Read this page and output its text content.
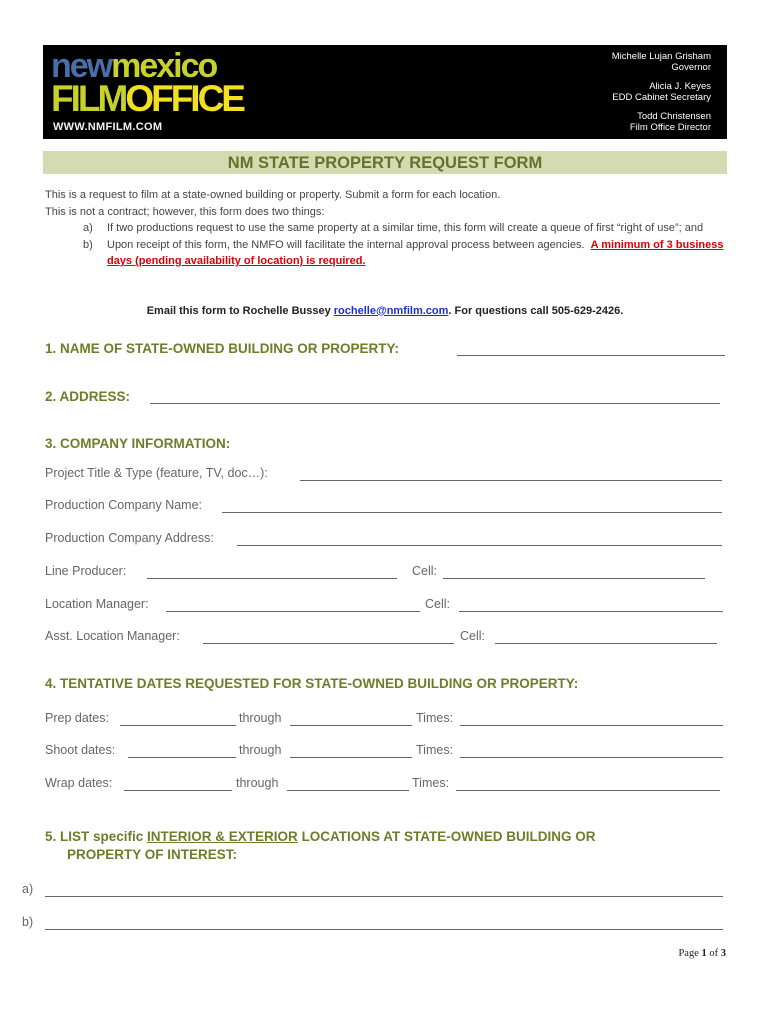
newmexico
FILMOFFICE
WWW.NMFILM.COM
Michelle Lujan Grisham
Governor
Alicia J. Keyes
EDD Cabinet Secretary
Todd Christensen
Film Office Director
NM STATE PROPERTY REQUEST FORM

This is a request to film at a state-owned building or property. Submit a form for each location.

This is not a contract; however, this form does two things:

a) If two productions request to use the same property at a similar time, this form will create a queue of first “right of use”; and
b) Upon receipt of this form, the NMFO will facilitate the internal approval process between agencies. A minimum of 3 business days (pending availability of location) is required.
Email this form to Rochelle Bussey rochelle@nmfilm.com. For questions call 505-629-2426.
1. NAME OF STATE-OWNED BUILDING OR PROPERTY:
2. ADDRESS:
3. COMPANY INFORMATION:
Project Title & Type (feature, TV, doc…):
Production Company Name:
Production Company Address:
Line Producer:	Cell:
Location Manager:	Cell:
Asst. Location Manager:	Cell:
4. TENTATIVE DATES REQUESTED FOR STATE-OWNED BUILDING OR PROPERTY:
Prep dates:	through	Times:
Shoot dates:	through	Times:
Wrap dates:	through	Times:
5. LIST specific INTERIOR & EXTERIOR LOCATIONS AT STATE-OWNED BUILDING OR
PROPERTY OF INTEREST:
a)
b)
Page 1 of 3
